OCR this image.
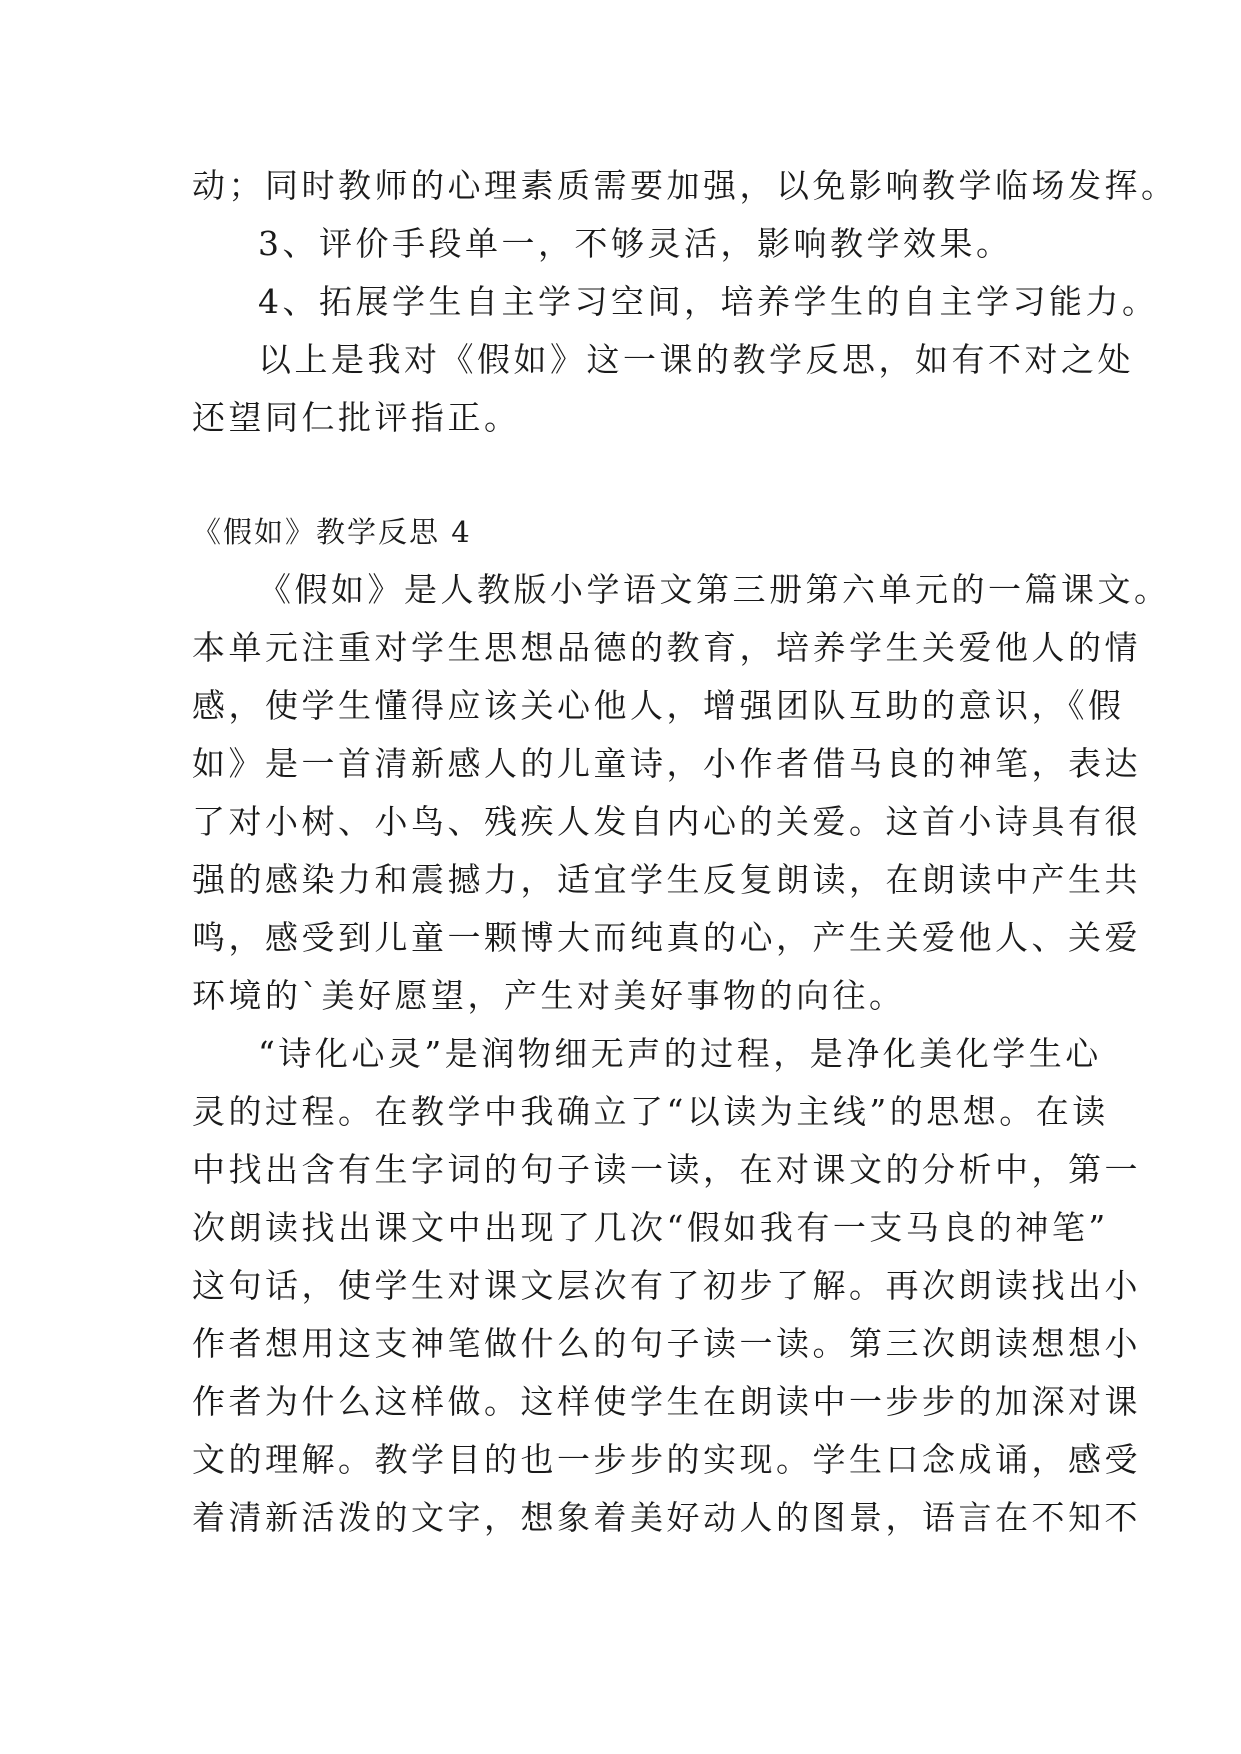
动；同时教师的心理素质需要加强，以免影响教学临场发挥。
3、评价手段单一，不够灵活，影响教学效果。
4、拓展学生自主学习空间，培养学生的自主学习能力。
以上是我对《假如》这一课的教学反思，如有不对之处
还望同仁批评指正。
《假如》教学反思 4
《假如》是人教版小学语文第三册第六单元的一篇课文。
本单元注重对学生思想品德的教育，培养学生关爱他人的情
感，使学生懂得应该关心他人，增强团队互助的意识，《假
如》是一首清新感人的儿童诗，小作者借马良的神笔，表达
了对小树、小鸟、残疾人发自内心的关爱。这首小诗具有很
强的感染力和震撼力，适宜学生反复朗读，在朗读中产生共
鸣，感受到儿童一颗博大而纯真的心，产生关爱他人、关爱
环境的`美好愿望，产生对美好事物的向往。
“诗化心灵”是润物细无声的过程，是净化美化学生心
灵的过程。在教学中我确立了“以读为主线”的思想。在读
中找出含有生字词的句子读一读，在对课文的分析中，第一
次朗读找出课文中出现了几次“假如我有一支马良的神笔”
这句话，使学生对课文层次有了初步了解。再次朗读找出小
作者想用这支神笔做什么的句子读一读。第三次朗读想想小
作者为什么这样做。这样使学生在朗读中一步步的加深对课
文的理解。教学目的也一步步的实现。学生口念成诵，感受
着清新活泼的文字，想象着美好动人的图景，语言在不知不
